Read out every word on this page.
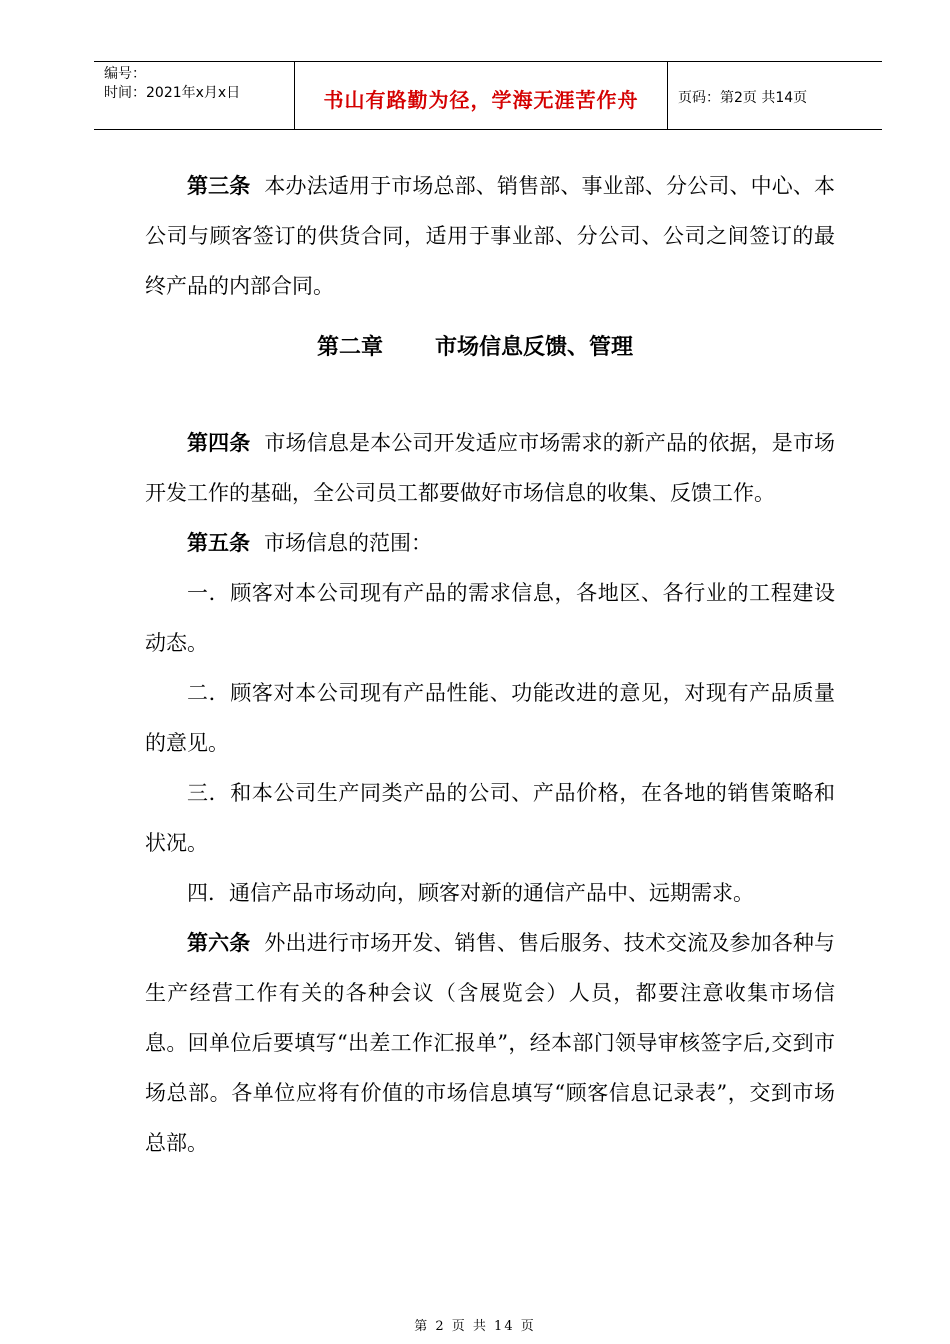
编号：
时间：2021年x月x日	书山有路勤为径，学海无涯苦作舟	页码：第2页 共14页

第三条 本办法适用于市场总部、销售部、事业部、分公司、中心、本公司与顾客签订的供货合同，适用于事业部、分公司、公司之间签订的最终产品的内部合同。

第二章 市场信息反馈、管理

第四条 市场信息是本公司开发适应市场需求的新产品的依据，是市场开发工作的基础，全公司员工都要做好市场信息的收集、反馈工作。

第五条 市场信息的范围：

一．顾客对本公司现有产品的需求信息，各地区、各行业的工程建设动态。

二．顾客对本公司现有产品性能、功能改进的意见，对现有产品质量的意见。

三．和本公司生产同类产品的公司、产品价格，在各地的销售策略和状况。

四．通信产品市场动向，顾客对新的通信产品中、远期需求。

第六条 外出进行市场开发、销售、售后服务、技术交流及参加各种与生产经营工作有关的各种会议（含展览会）人员，都要注意收集市场信息。回单位后要填写“出差工作汇报单”，经本部门领导审核签字后,交到市场总部。各单位应将有价值的市场信息填写“顾客信息记录表”，交到市场总部。

第 2 页 共 14 页
